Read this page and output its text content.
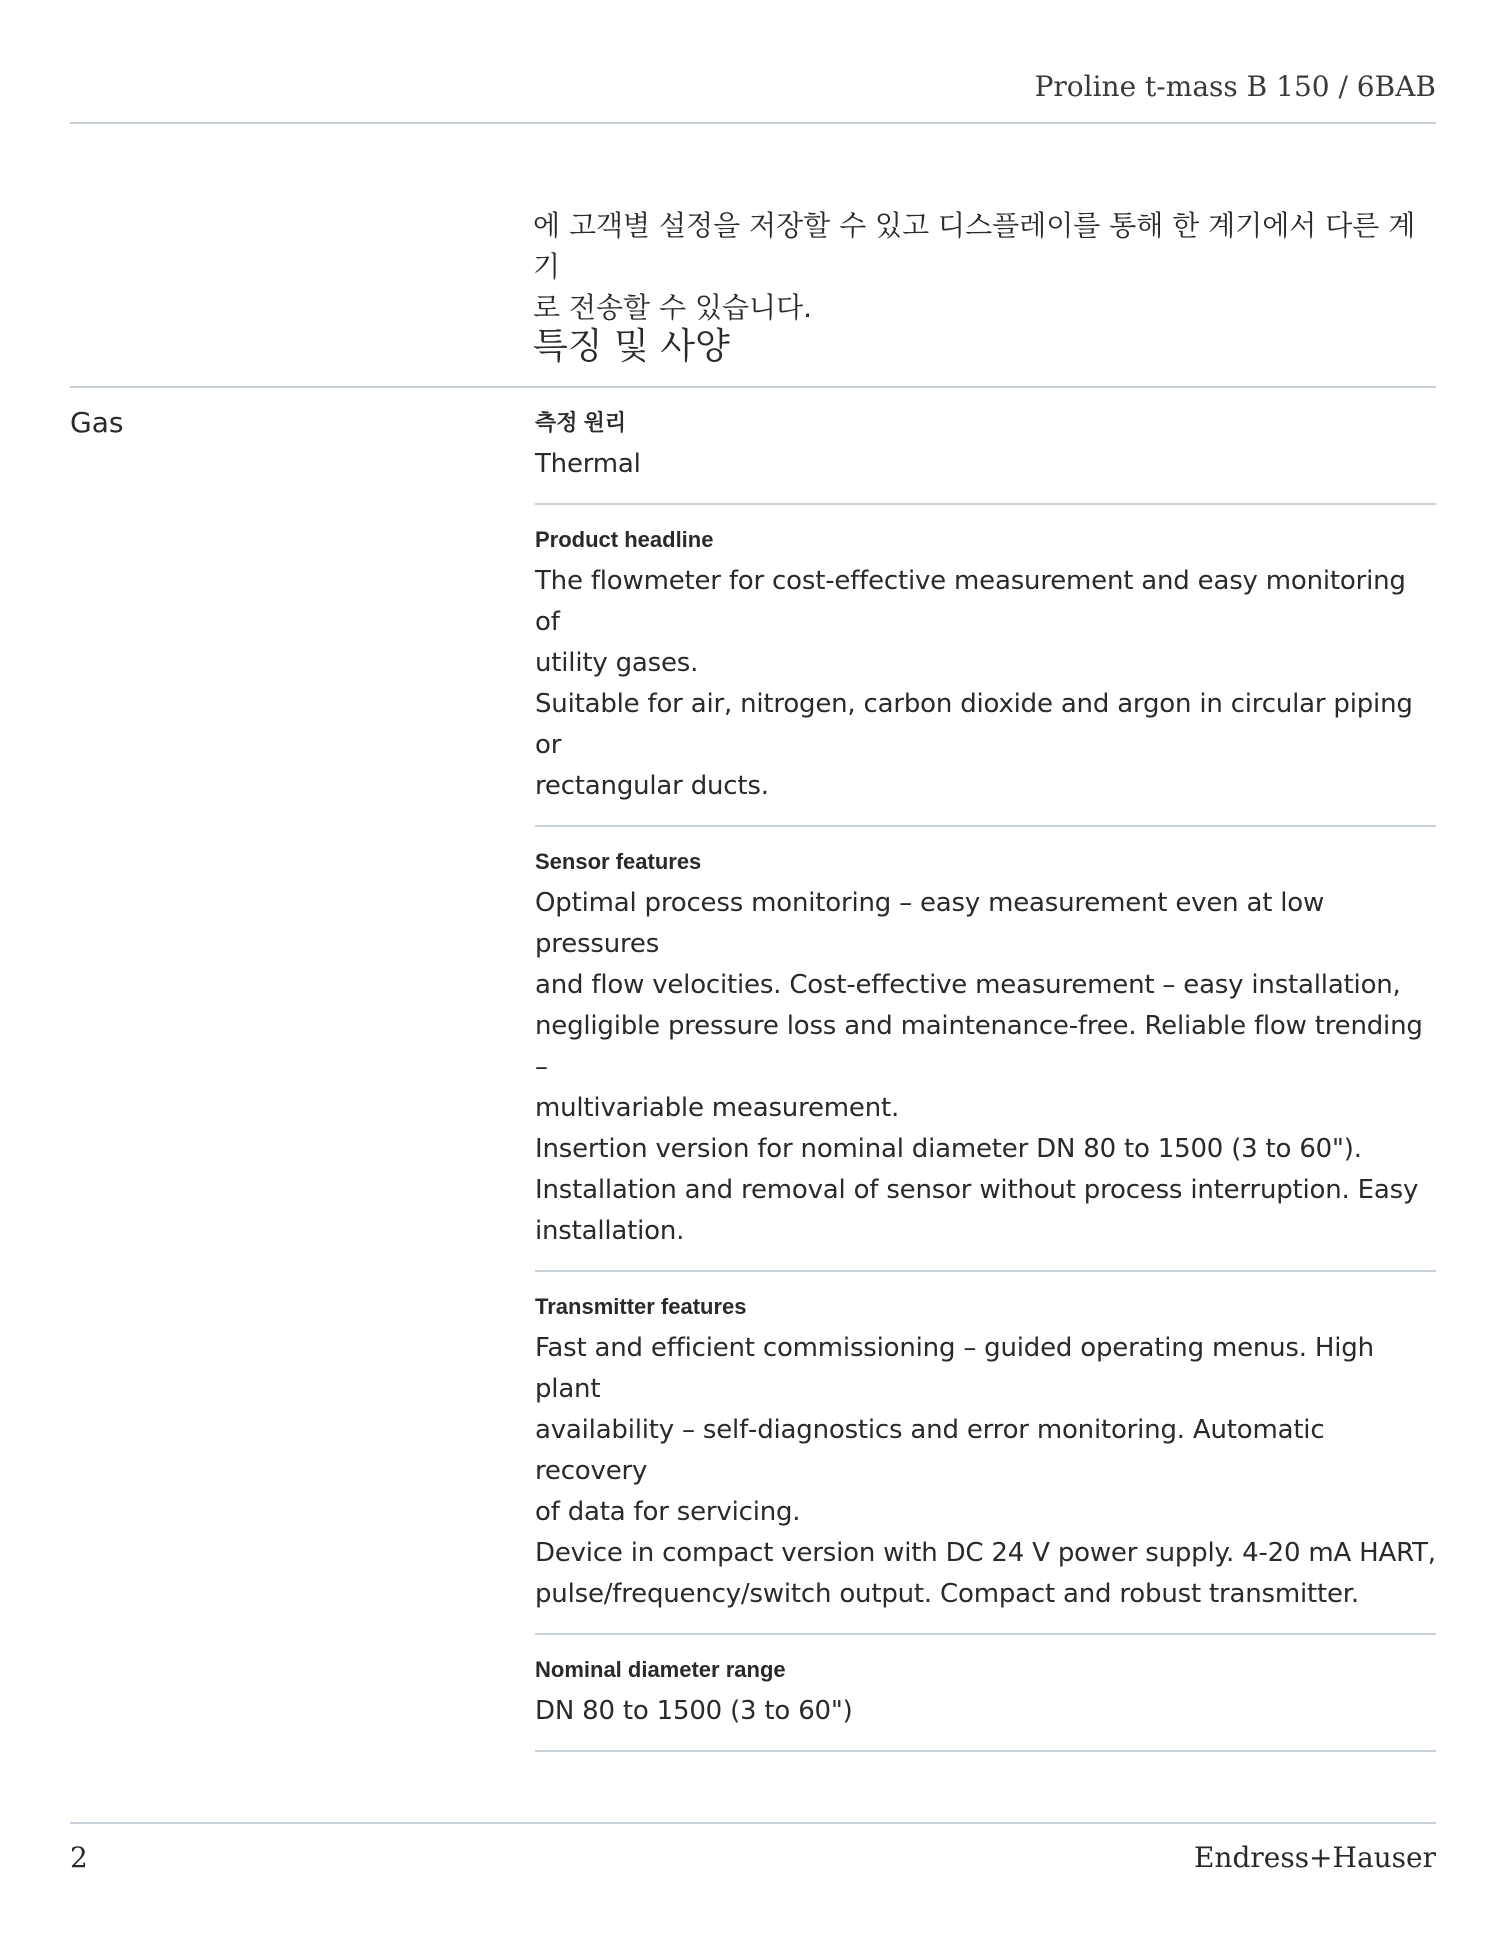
Proline t-mass B 150 / 6BAB
에 고객별 설정을 저장할 수 있고 디스플레이를 통해 한 계기에서 다른 계기
로 전송할 수 있습니다.
특징 및 사양
Gas	측정 원리
Thermal
Product headline
The flowmeter for cost-effective measurement and easy monitoring of
utility gases.
Suitable for air, nitrogen, carbon dioxide and argon in circular piping or
rectangular ducts.
Sensor features
Optimal process monitoring – easy measurement even at low pressures
and flow velocities. Cost‐effective measurement – easy installation,
negligible pressure loss and maintenance‐free. Reliable flow trending –
multivariable measurement.
Insertion version for nominal diameter DN 80 to 1500 (3 to 60").
Installation and removal of sensor without process interruption. Easy
installation.
Transmitter features
Fast and efficient commissioning – guided operating menus. High plant
availability – self‐diagnostics and error monitoring. Automatic recovery
of data for servicing.
Device in compact version with DC 24 V power supply. 4-20 mA HART,
pulse/frequency/switch output. Compact and robust transmitter.
Nominal diameter range
DN 80 to 1500 (3 to 60")
2	Endress+Hauser
